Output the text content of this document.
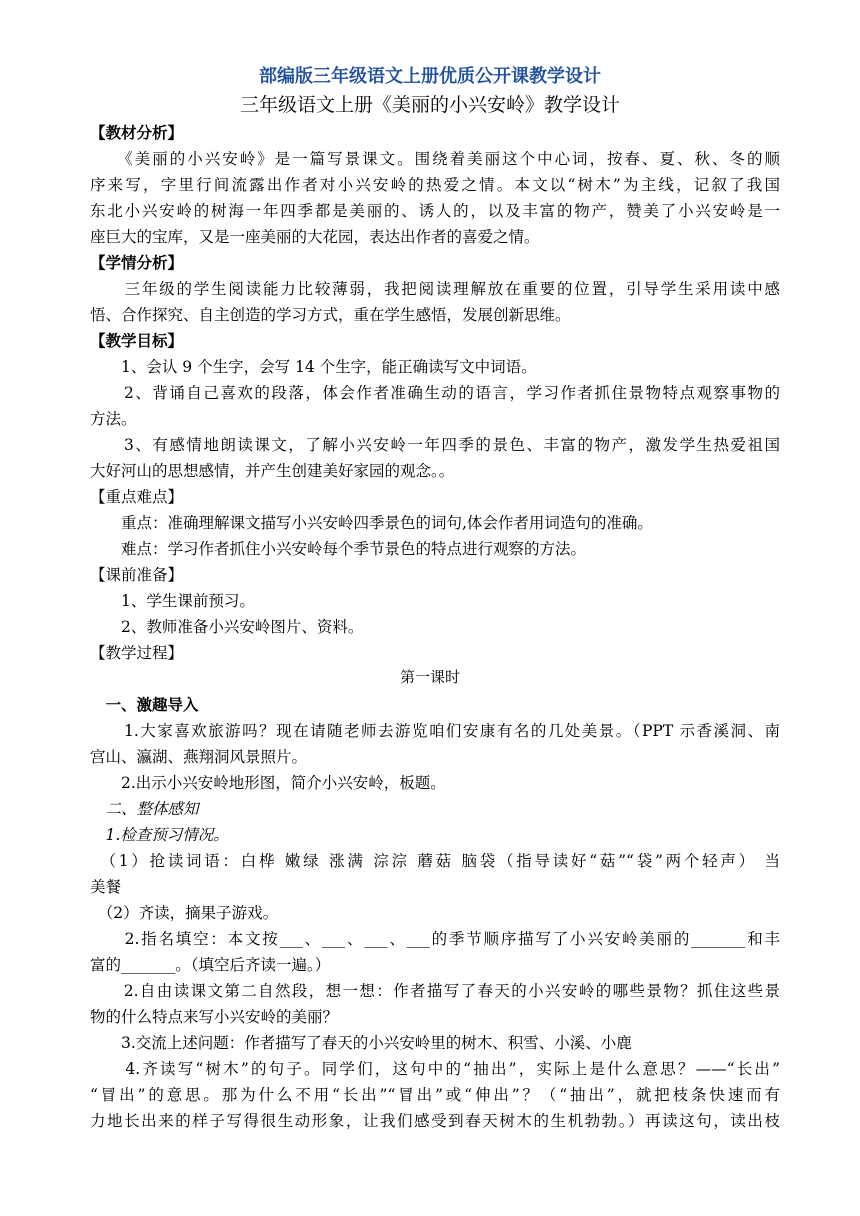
部编版三年级语文上册优质公开课教学设计
三年级语文上册《美丽的小兴安岭》教学设计
【教材分析】
　　《美丽的小兴安岭》是一篇写景课文。围绕着美丽这个中心词，按春、夏、秋、冬的顺
序来写，字里行间流露出作者对小兴安岭的热爱之情。本文以“树木”为主线，记叙了我国
东北小兴安岭的树海一年四季都是美丽的、诱人的，以及丰富的物产，赞美了小兴安岭是一
座巨大的宝库，又是一座美丽的大花园，表达出作者的喜爱之情。
【学情分析】
　　三年级的学生阅读能力比较薄弱，我把阅读理解放在重要的位置，引导学生采用读中感
悟、合作探究、自主创造的学习方式，重在学生感悟，发展创新思维。
【教学目标】
　　1、会认 9 个生字，会写 14 个生字，能正确读写文中词语。
　　2、背诵自己喜欢的段落，体会作者准确生动的语言，学习作者抓住景物特点观察事物的
方法。
　　3、有感情地朗读课文，了解小兴安岭一年四季的景色、丰富的物产，激发学生热爱祖国
大好河山的思想感情，并产生创建美好家园的观念。。
【重点难点】
　　重点：准确理解课文描写小兴安岭四季景色的词句,体会作者用词造句的准确。
　　难点：学习作者抓住小兴安岭每个季节景色的特点进行观察的方法。
【课前准备】
　　1、学生课前预习。
　　2、教师准备小兴安岭图片、资料。
【教学过程】
第一课时
　一、激趣导入
　　1.大家喜欢旅游吗？现在请随老师去游览咱们安康有名的几处美景。（PPT 示香溪洞、南
宫山、瀛湖、燕翔洞风景照片。
　　2.出示小兴安岭地形图，简介小兴安岭，板题。
　二、整体感知
　1.检查预习情况。
　（1）抢读词语：白桦 嫩绿 涨满 淙淙 蘑菇 脑袋（指导读好“菇”“袋”两个轻声） 当
美餐
　（2）齐读，摘果子游戏。
　　2.指名填空：本文按___、___、___、___的季节顺序描写了小兴安岭美丽的_______和丰
富的_______。（填空后齐读一遍。）
　　2.自由读课文第二自然段，想一想：作者描写了春天的小兴安岭的哪些景物？抓住这些景
物的什么特点来写小兴安岭的美丽？
　　3.交流上述问题：作者描写了春天的小兴安岭里的树木、积雪、小溪、小鹿
　　4.齐读写“树木”的句子。同学们，这句中的“抽出”，实际上是什么意思？——“长出”
“冒出”的意思。那为什么不用“长出”“冒出”或“伸出”？（“抽出”，就把枝条快速而有
力地长出来的样子写得很生动形象，让我们感受到春天树木的生机勃勃。）再读这句，读出枝
